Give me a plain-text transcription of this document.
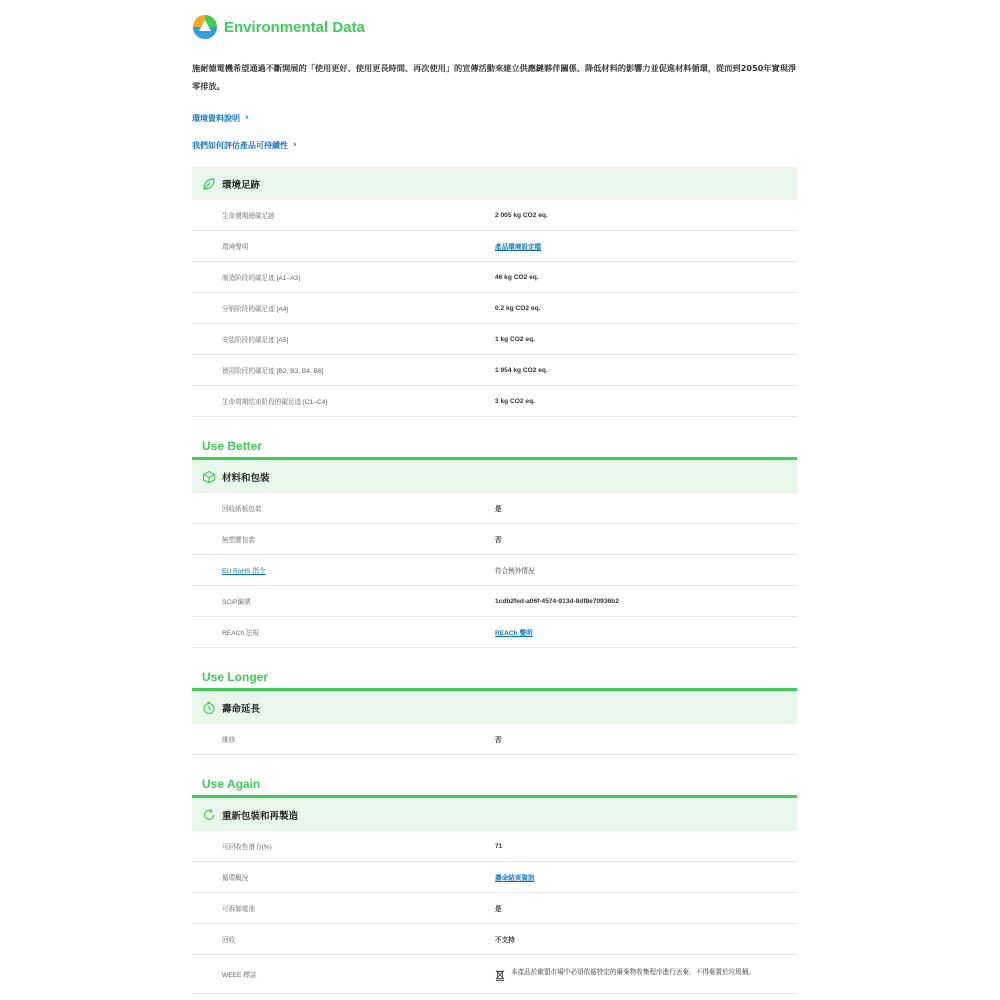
Environmental Data
施耐德電機希望通過不斷開展的「使用更好、使用更長時間、再次使用」的宣傳活動來建立供應鏈夥伴關係、降低材料的影響力並促進材料循環，從而到2050年實現淨零排放。
環境資料說明 ›
我們如何評估產品可持續性 ›
環境足跡
生命週期總碳足跡	2 005 kg CO2 eq.
環境聲明	產品環境設定檔
制造阶段的碳足迹 [A1–A3]	46 kg CO2 eq.
分销阶段的碳足迹 [A4]	0.2 kg CO2 eq.
安装阶段的碳足迹 [A5]	1 kg CO2 eq.
使用阶段的碳足迹 [B2, B3, B4, B6]	1 954 kg CO2 eq.
生命周期结束阶段的碳足迹 [C1–C4]	3 kg CO2 eq.
Use Better
材料和包裝
回收紙板包裝	是
無塑膠包裝	否
EU RoHS 指令	符合例外情況
SCIP編號	1cdb2fed-a06f-4574-913d-8df8e70936b2
REACh 法規	REACh 聲明
Use Longer
壽命延長
維修	否
Use Again
重新包裝和再製造
可回收性潛力(%)	71
循環概況	壽命結束資訊
可拆卸電池	是
回收	不支持
WEEE 標誌	本產品於歐盟市場中必須依循特定的廢棄物收集程序進行丟棄，不得棄置於垃圾桶。
